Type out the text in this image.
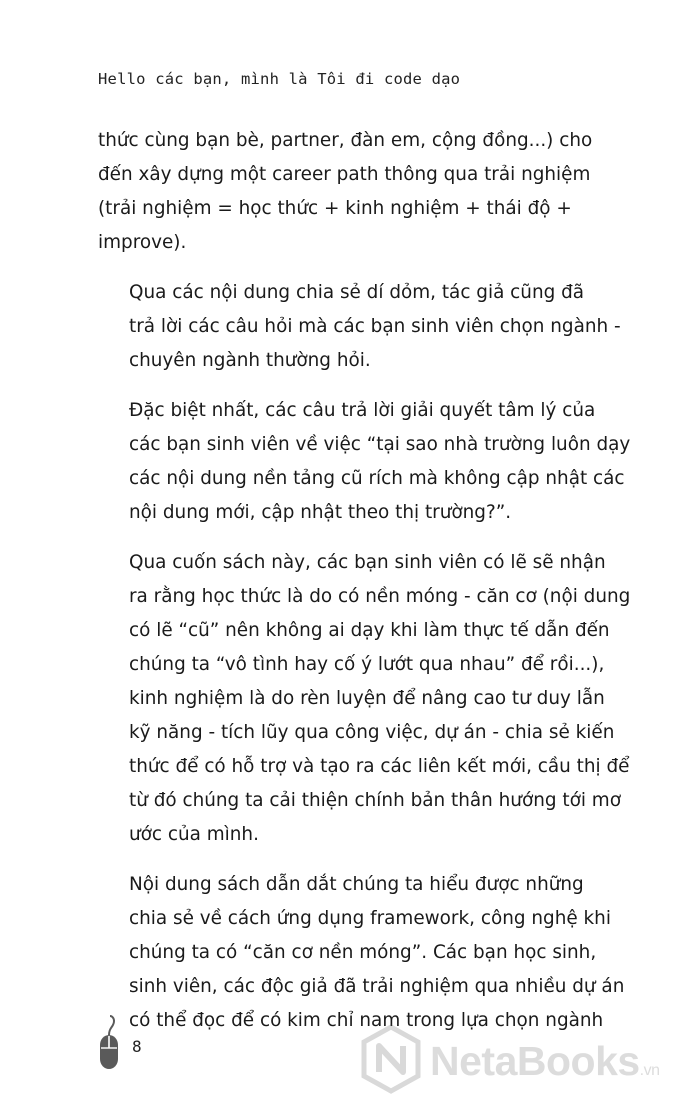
Hello các bạn, mình là Tôi đi code dạo

thức cùng bạn bè, partner, đàn em, cộng đồng...) cho
đến xây dựng một career path thông qua trải nghiệm
(trải nghiệm = học thức + kinh nghiệm + thái độ +
improve).

Qua các nội dung chia sẻ dí dỏm, tác giả cũng đã
trả lời các câu hỏi mà các bạn sinh viên chọn ngành -
chuyên ngành thường hỏi.

Đặc biệt nhất, các câu trả lời giải quyết tâm lý của
các bạn sinh viên về việc “tại sao nhà trường luôn dạy
các nội dung nền tảng cũ rích mà không cập nhật các
nội dung mới, cập nhật theo thị trường?”.

Qua cuốn sách này, các bạn sinh viên có lẽ sẽ nhận
ra rằng học thức là do có nền móng - căn cơ (nội dung
có lẽ “cũ” nên không ai dạy khi làm thực tế dẫn đến
chúng ta “vô tình hay cố ý lướt qua nhau” để rồi...),
kinh nghiệm là do rèn luyện để nâng cao tư duy lẫn
kỹ năng - tích lũy qua công việc, dự án - chia sẻ kiến
thức để có hỗ trợ và tạo ra các liên kết mới, cầu thị để
từ đó chúng ta cải thiện chính bản thân hướng tới mơ
ước của mình.

Nội dung sách dẫn dắt chúng ta hiểu được những
chia sẻ về cách ứng dụng framework, công nghệ khi
chúng ta có “căn cơ nền móng”. Các bạn học sinh,
sinh viên, các độc giả đã trải nghiệm qua nhiều dự án
có thể đọc để có kim chỉ nam trong lựa chọn ngành

8	NetaBooks.vn
